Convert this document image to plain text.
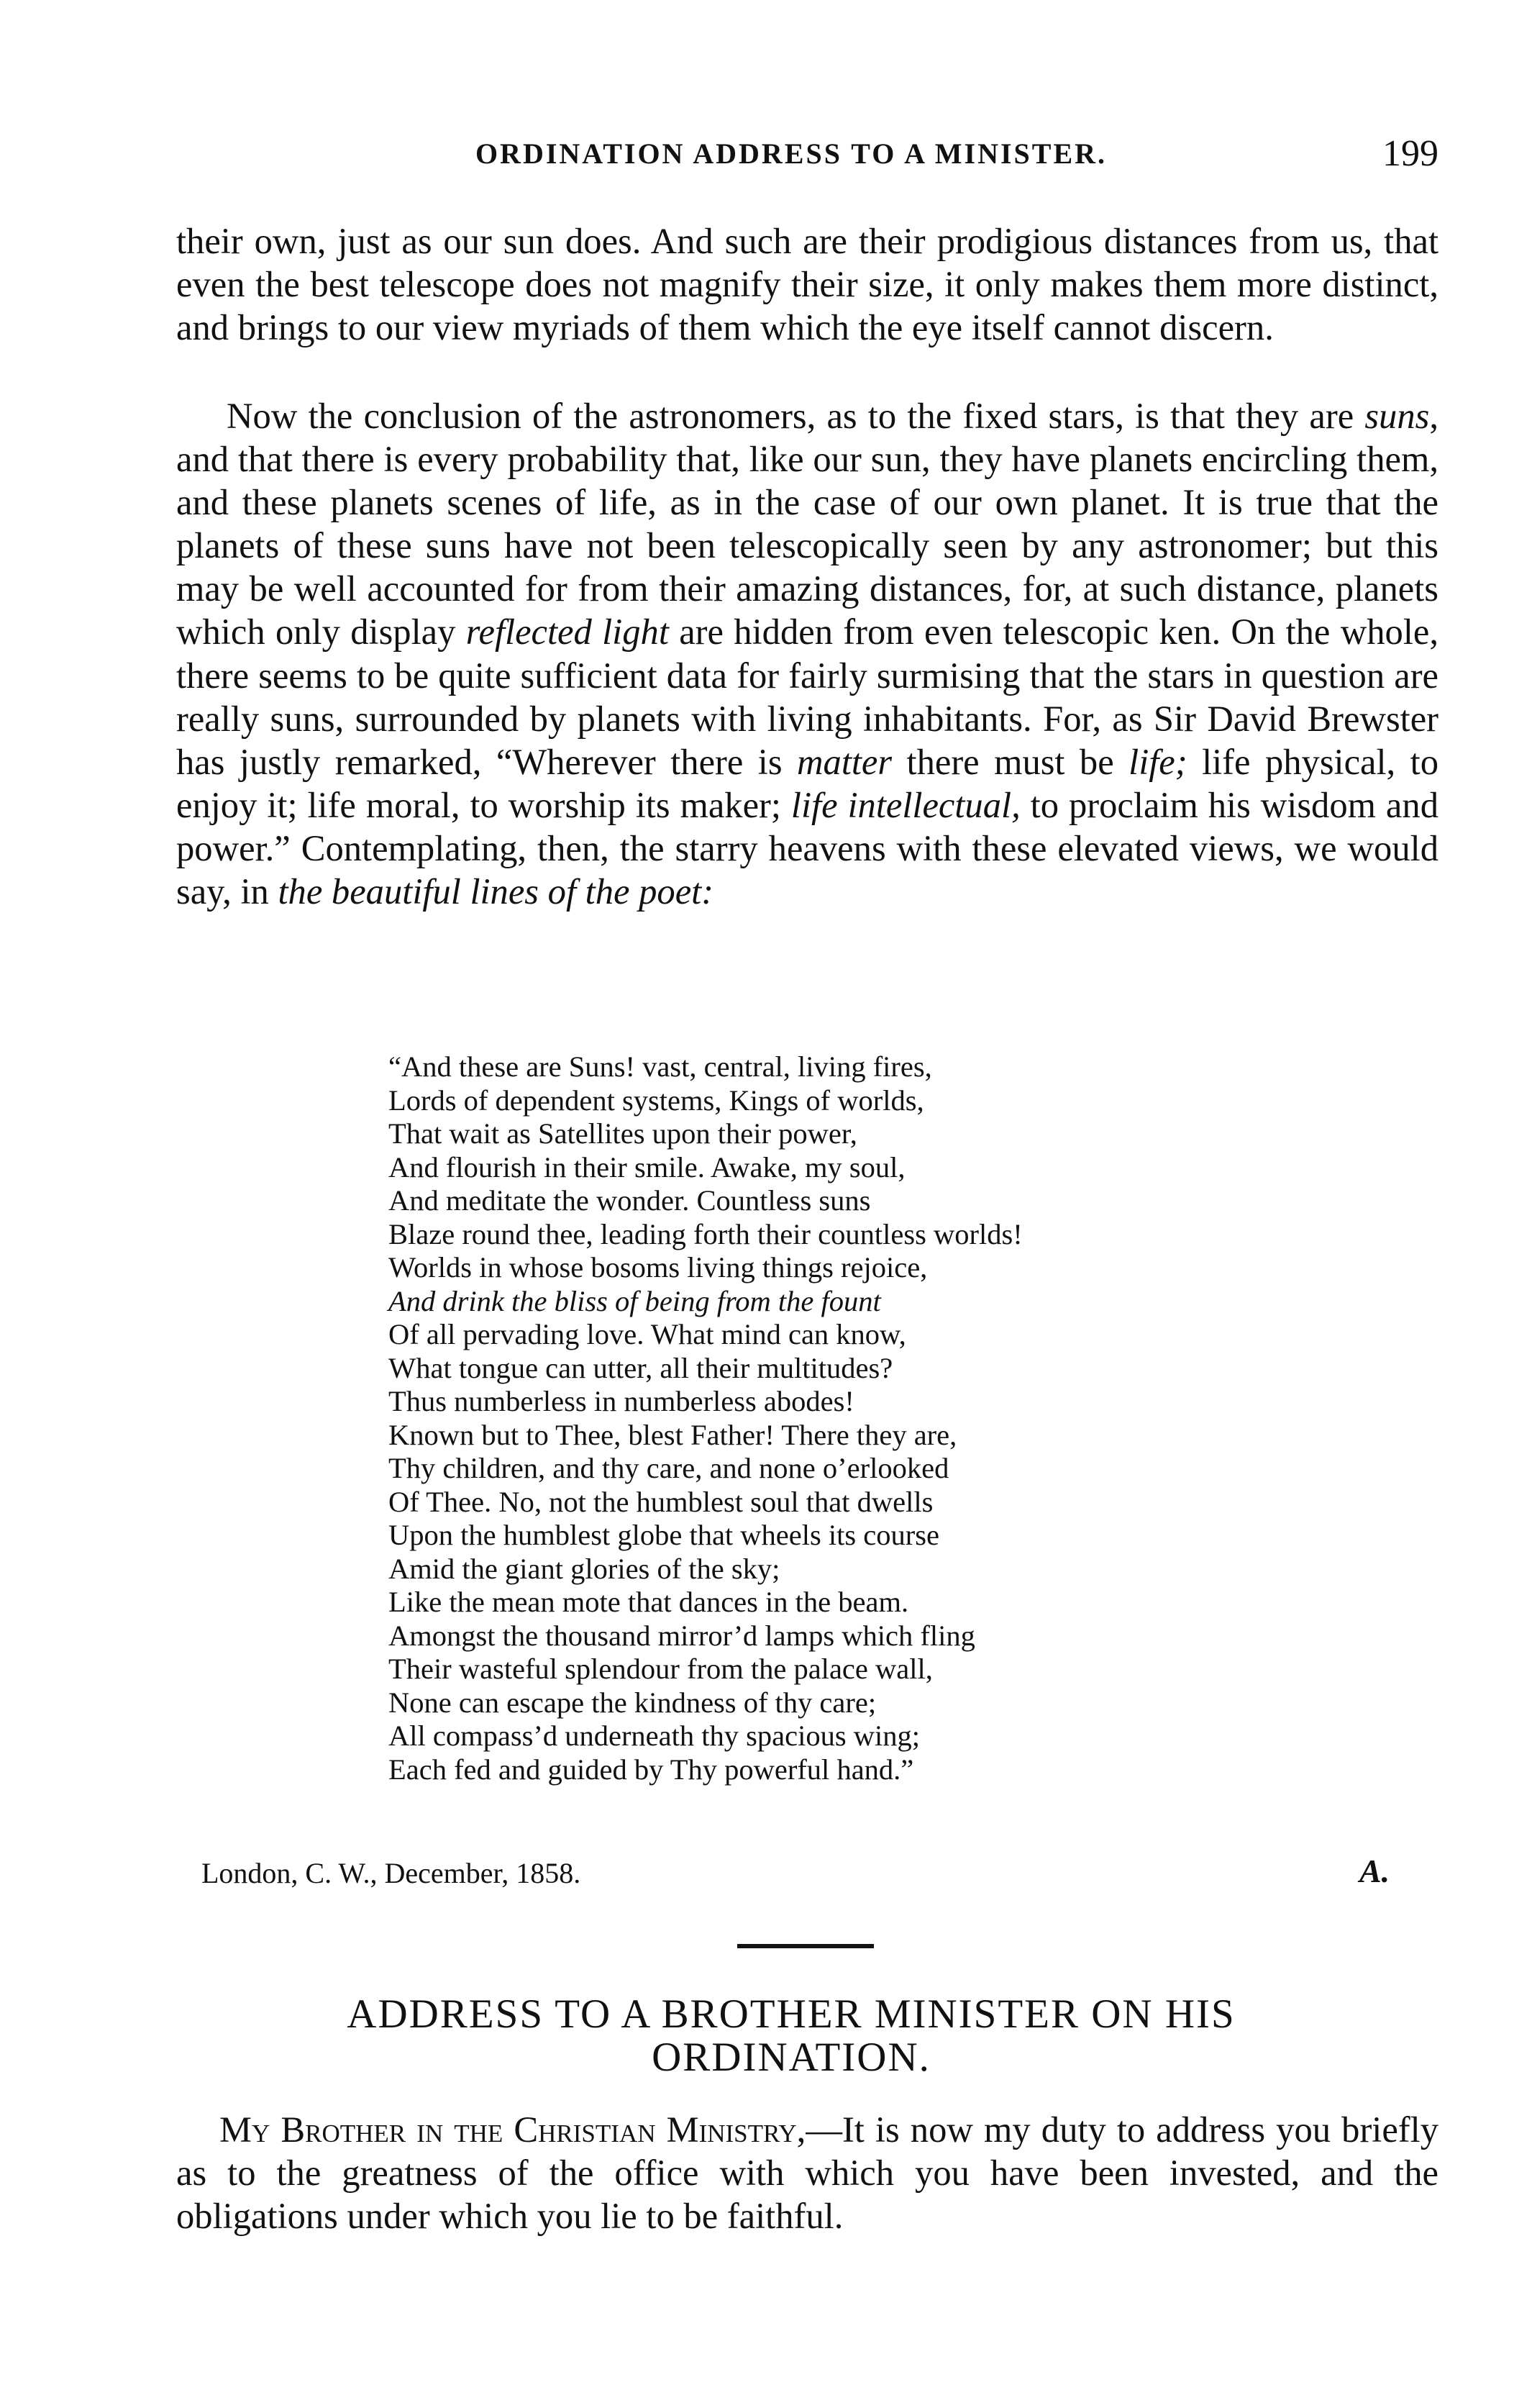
ORDINATION ADDRESS TO A MINISTER.	199

their own, just as our sun does. And such are their prodigious distances from us, that even the best telescope does not magnify their size, it only makes them more distinct, and brings to our view myriads of them which the eye itself cannot discern.

Now the conclusion of the astronomers, as to the fixed stars, is that they are suns, and that there is every probability that, like our sun, they have planets encircling them, and these planets scenes of life, as in the case of our own planet. It is true that the planets of these suns have not been telescopically seen by any astronomer; but this may be well accounted for from their amazing distances, for, at such distance, planets which only display reflected light are hidden from even telescopic ken. On the whole, there seems to be quite sufficient data for fairly surmising that the stars in question are really suns, surrounded by planets with living inhabitants. For, as Sir David Brewster has justly remarked, “Wherever there is matter there must be life; life physical, to enjoy it; life moral, to worship its maker; life intellectual, to proclaim his wisdom and power.” Contemplating, then, the starry heavens with these elevated views, we would say, in the beautiful lines of the poet:

“And these are Suns! vast, central, living fires,
Lords of dependent systems, Kings of worlds,
That wait as Satellites upon their power,
And flourish in their smile. Awake, my soul,
And meditate the wonder. Countless suns
Blaze round thee, leading forth their countless worlds!
Worlds in whose bosoms living things rejoice,
And drink the bliss of being from the fount
Of all pervading love. What mind can know,
What tongue can utter, all their multitudes?
Thus numberless in numberless abodes!
Known but to Thee, blest Father! There they are,
Thy children, and thy care, and none o’erlooked
Of Thee. No, not the humblest soul that dwells
Upon the humblest globe that wheels its course
Amid the giant glories of the sky;
Like the mean mote that dances in the beam.
Amongst the thousand mirror’d lamps which fling
Their wasteful splendour from the palace wall,
None can escape the kindness of thy care;
All compass’d underneath thy spacious wing;
Each fed and guided by Thy powerful hand.”
London, C. W., December, 1858.	A.
ADDRESS TO A BROTHER MINISTER ON HIS
ORDINATION.

My Brother in the Christian Ministry,—It is now my duty to address you briefly as to the greatness of the office with which you have been invested, and the obligations under which you lie to be faithful.
